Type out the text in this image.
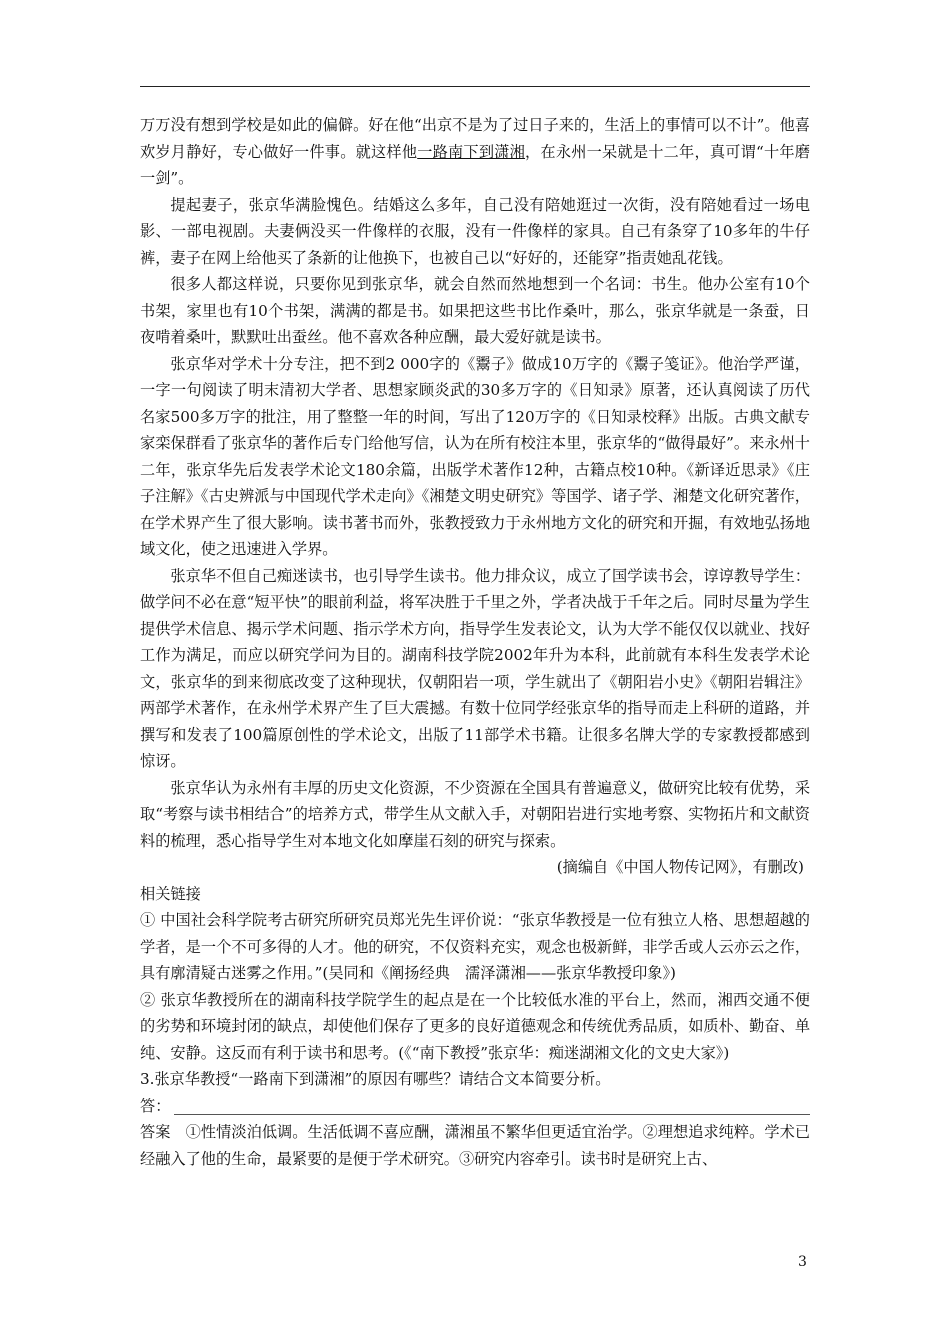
万万没有想到学校是如此的偏僻。好在他“出京不是为了过日子来的，生活上的事情可以不计”。他喜欢岁月静好，专心做好一件事。就这样他一路南下到潇湘，在永州一呆就是十二年，真可谓“十年磨一剑”。

提起妻子，张京华满脸愧色。结婚这么多年，自己没有陪她逛过一次街，没有陪她看过一场电影、一部电视剧。夫妻俩没买一件像样的衣服，没有一件像样的家具。自己有条穿了10多年的牛仔裤，妻子在网上给他买了条新的让他换下，也被自己以“好好的，还能穿”指责她乱花钱。

很多人都这样说，只要你见到张京华，就会自然而然地想到一个名词：书生。他办公室有10个书架，家里也有10个书架，满满的都是书。如果把这些书比作桑叶，那么，张京华就是一条蚕，日夜啃着桑叶，默默吐出蚕丝。他不喜欢各种应酬，最大爱好就是读书。

张京华对学术十分专注，把不到2 000字的《鬻子》做成10万字的《鬻子笺证》。他治学严谨，一字一句阅读了明末清初大学者、思想家顾炎武的30多万字的《日知录》原著，还认真阅读了历代名家500多万字的批注，用了整整一年的时间，写出了120万字的《日知录校释》出版。古典文献专家栾保群看了张京华的著作后专门给他写信，认为在所有校注本里，张京华的“做得最好”。来永州十二年，张京华先后发表学术论文180余篇，出版学术著作12种，古籍点校10种。《新译近思录》《庄子注解》《古史辨派与中国现代学术走向》《湘楚文明史研究》等国学、诸子学、湘楚文化研究著作，在学术界产生了很大影响。读书著书而外，张教授致力于永州地方文化的研究和开掘，有效地弘扬地域文化，使之迅速进入学界。

张京华不但自己痴迷读书，也引导学生读书。他力排众议，成立了国学读书会，谆谆教导学生：做学问不必在意“短平快”的眼前利益，将军决胜于千里之外，学者决战于千年之后。同时尽量为学生提供学术信息、揭示学术问题、指示学术方向，指导学生发表论文，认为大学不能仅仅以就业、找好工作为满足，而应以研究学问为目的。湖南科技学院2002年升为本科，此前就有本科生发表学术论文，张京华的到来彻底改变了这种现状，仅朝阳岩一项，学生就出了《朝阳岩小史》《朝阳岩辑注》两部学术著作，在永州学术界产生了巨大震撼。有数十位同学经张京华的指导而走上科研的道路，并撰写和发表了100篇原创性的学术论文，出版了11部学术书籍。让很多名牌大学的专家教授都感到惊讶。

张京华认为永州有丰厚的历史文化资源，不少资源在全国具有普遍意义，做研究比较有优势，采取“考察与读书相结合”的培养方式，带学生从文献入手，对朝阳岩进行实地考察、实物拓片和文献资料的梳理，悉心指导学生对本地文化如摩崖石刻的研究与探索。

(摘编自《中国人物传记网》，有删改)

相关链接

① 中国社会科学院考古研究所研究员郑光先生评价说：“张京华教授是一位有独立人格、思想超越的学者，是一个不可多得的人才。他的研究，不仅资料充实，观念也极新鲜，非学舌或人云亦云之作，具有廓清疑古迷雾之作用。”(吴同和《阐扬经典　濡泽潇湘——张京华教授印象》)

② 张京华教授所在的湖南科技学院学生的起点是在一个比较低水准的平台上，然而，湘西交通不便的劣势和环境封闭的缺点，却使他们保存了更多的良好道德观念和传统优秀品质，如质朴、勤奋、单纯、安静。这反而有利于读书和思考。(《“南下教授”张京华：痴迷湖湘文化的文史大家》)

3.张京华教授“一路南下到潇湘”的原因有哪些？请结合文本简要分析。

答：

答案　①性情淡泊低调。生活低调不喜应酬，潇湘虽不繁华但更适宜治学。②理想追求纯粹。学术已经融入了他的生命，最紧要的是便于学术研究。③研究内容牵引。读书时是研究上古、

3
